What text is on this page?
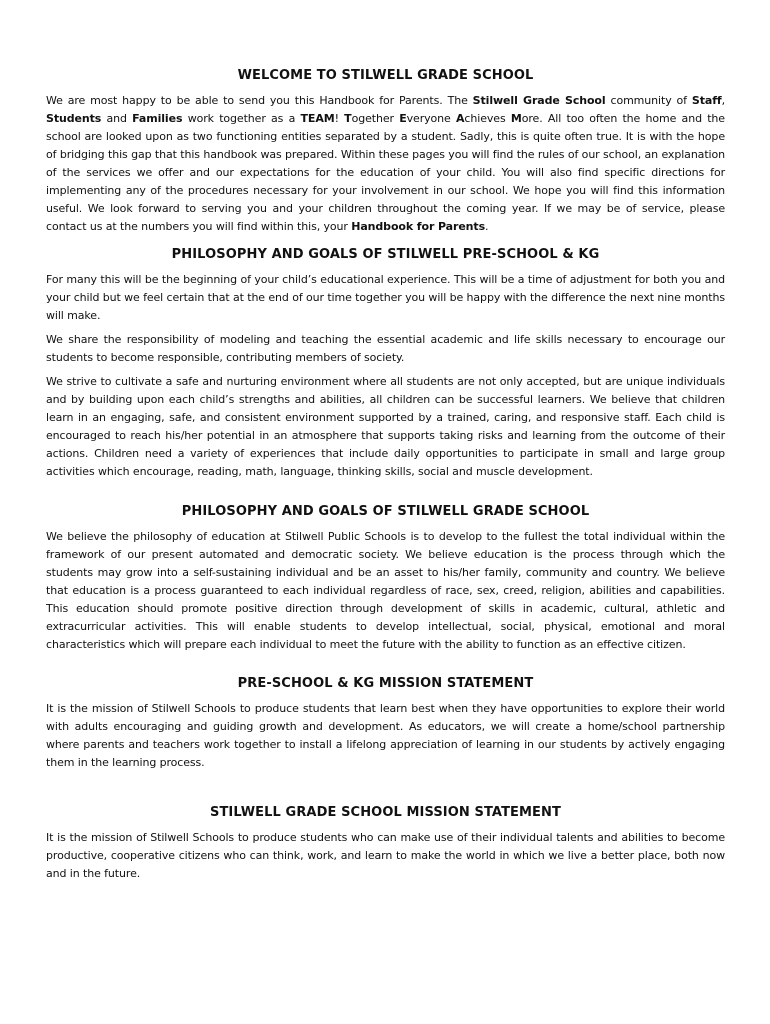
WELCOME TO STILWELL GRADE SCHOOL

We are most happy to be able to send you this Handbook for Parents. The Stilwell Grade School community of Staff, Students and Families work together as a TEAM! Together Everyone Achieves More. All too often the home and the school are looked upon as two functioning entities separated by a student. Sadly, this is quite often true. It is with the hope of bridging this gap that this handbook was prepared. Within these pages you will find the rules of our school, an explanation of the services we offer and our expectations for the education of your child. You will also find specific directions for implementing any of the procedures necessary for your involvement in our school. We hope you will find this information useful. We look forward to serving you and your children throughout the coming year. If we may be of service, please contact us at the numbers you will find within this, your Handbook for Parents.

PHILOSOPHY AND GOALS OF STILWELL PRE-SCHOOL & KG

For many this will be the beginning of your child’s educational experience. This will be a time of adjustment for both you and your child but we feel certain that at the end of our time together you will be happy with the difference the next nine months will make.

We share the responsibility of modeling and teaching the essential academic and life skills necessary to encourage our students to become responsible, contributing members of society.

We strive to cultivate a safe and nurturing environment where all students are not only accepted, but are unique individuals and by building upon each child’s strengths and abilities, all children can be successful learners. We believe that children learn in an engaging, safe, and consistent environment supported by a trained, caring, and responsive staff. Each child is encouraged to reach his/her potential in an atmosphere that supports taking risks and learning from the outcome of their actions. Children need a variety of experiences that include daily opportunities to participate in small and large group activities which encourage, reading, math, language, thinking skills, social and muscle development.

PHILOSOPHY AND GOALS OF STILWELL GRADE SCHOOL

We believe the philosophy of education at Stilwell Public Schools is to develop to the fullest the total individual within the framework of our present automated and democratic society. We believe education is the process through which the students may grow into a self-sustaining individual and be an asset to his/her family, community and country. We believe that education is a process guaranteed to each individual regardless of race, sex, creed, religion, abilities and capabilities. This education should promote positive direction through development of skills in academic, cultural, athletic and extracurricular activities. This will enable students to develop intellectual, social, physical, emotional and moral characteristics which will prepare each individual to meet the future with the ability to function as an effective citizen.

PRE-SCHOOL & KG MISSION STATEMENT

It is the mission of Stilwell Schools to produce students that learn best when they have opportunities to explore their world with adults encouraging and guiding growth and development. As educators, we will create a home/school partnership where parents and teachers work together to install a lifelong appreciation of learning in our students by actively engaging them in the learning process.

STILWELL GRADE SCHOOL MISSION STATEMENT

It is the mission of Stilwell Schools to produce students who can make use of their individual talents and abilities to become productive, cooperative citizens who can think, work, and learn to make the world in which we live a better place, both now and in the future.
